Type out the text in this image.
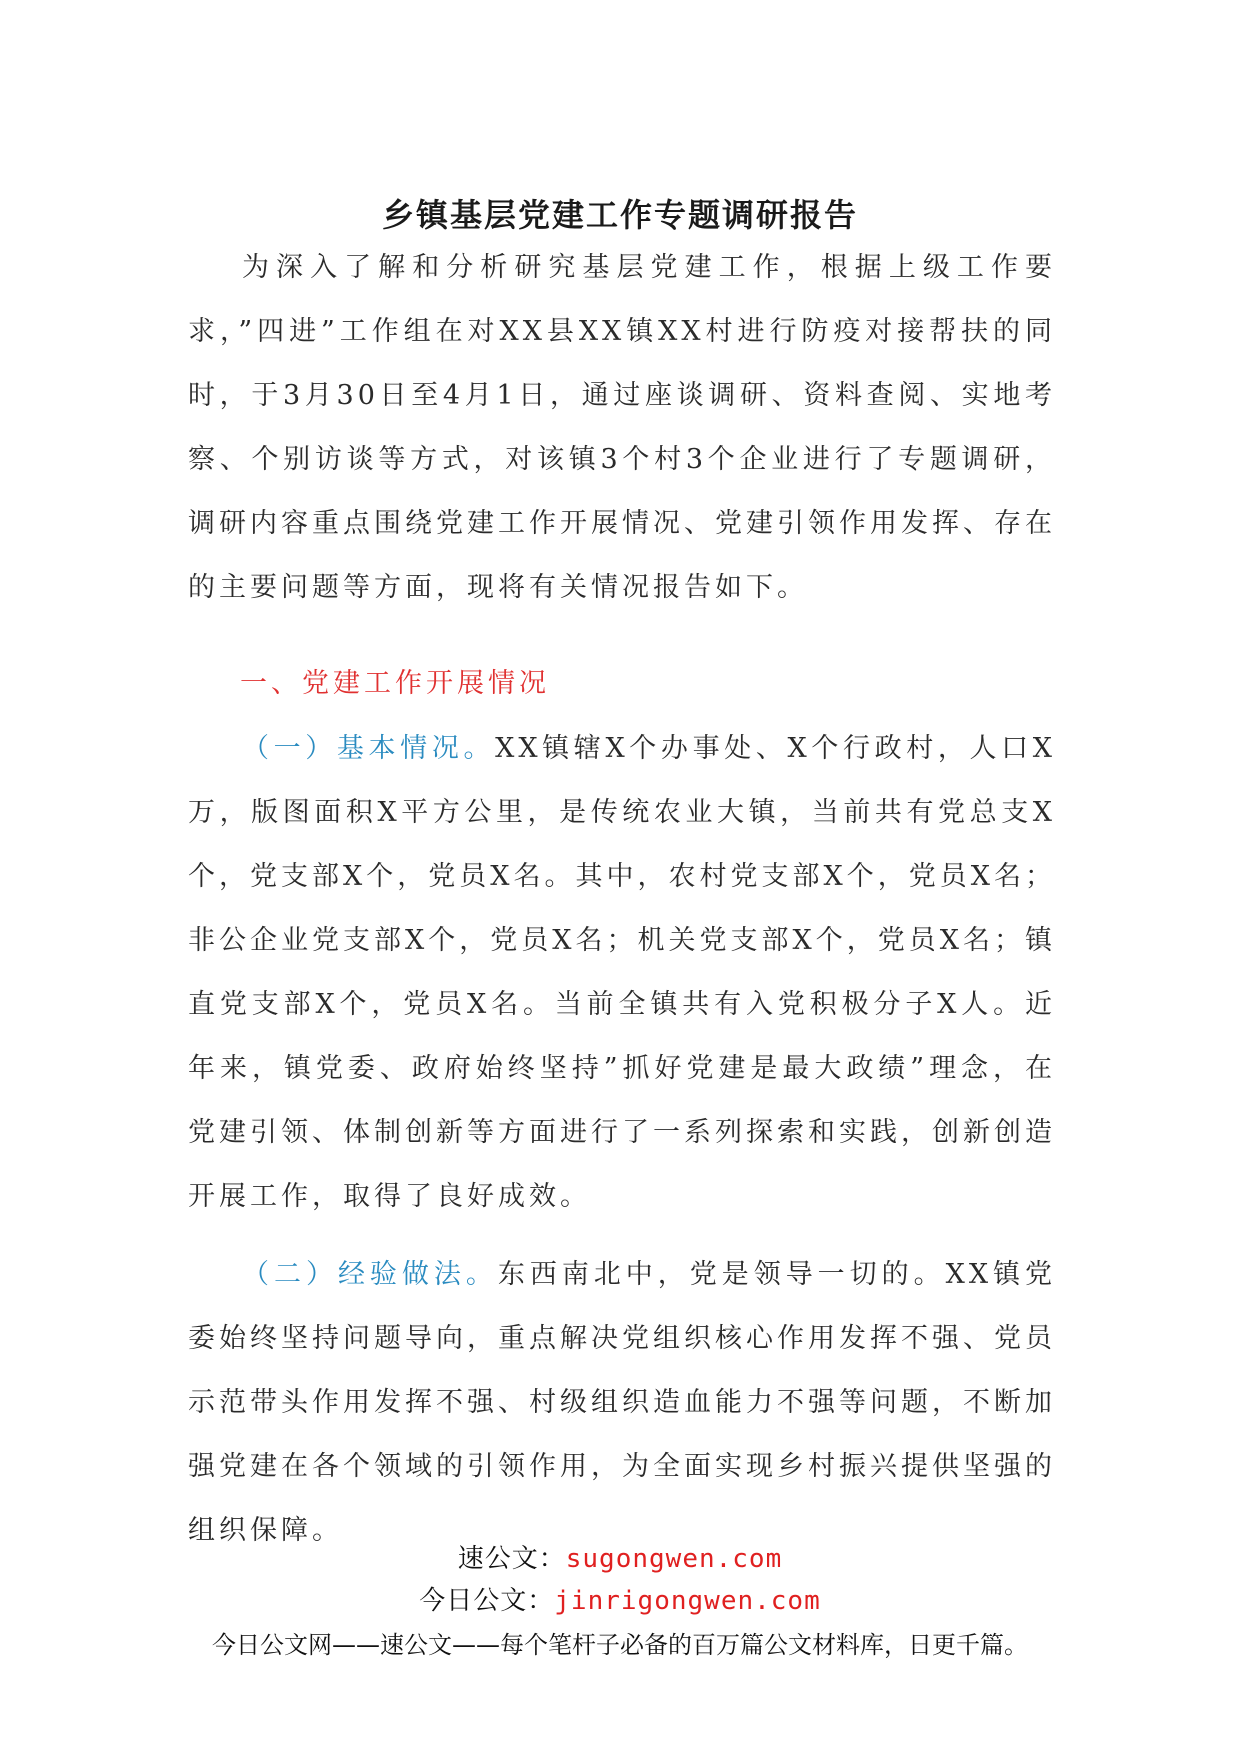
乡镇基层党建工作专题调研报告

为深入了解和分析研究基层党建工作，根据上级工作要求，”四进”工作组在对XX县XX镇XX村进行防疫对接帮扶的同时，于3月30日至4月1日，通过座谈调研、资料查阅、实地考察、个别访谈等方式，对该镇3个村3个企业进行了专题调研，调研内容重点围绕党建工作开展情况、党建引领作用发挥、存在的主要问题等方面，现将有关情况报告如下。

一、党建工作开展情况

（一）基本情况。XX镇辖X个办事处、X个行政村，人口X万，版图面积X平方公里，是传统农业大镇，当前共有党总支X个，党支部X个，党员X名。其中，农村党支部X个，党员X名；非公企业党支部X个，党员X名；机关党支部X个，党员X名；镇直党支部X个，党员X名。当前全镇共有入党积极分子X人。近年来，镇党委、政府始终坚持”抓好党建是最大政绩”理念，在党建引领、体制创新等方面进行了一系列探索和实践，创新创造开展工作，取得了良好成效。

（二）经验做法。东西南北中，党是领导一切的。XX镇党委始终坚持问题导向，重点解决党组织核心作用发挥不强、党员示范带头作用发挥不强、村级组织造血能力不强等问题，不断加强党建在各个领域的引领作用，为全面实现乡村振兴提供坚强的组织保障。

速公文：sugongwen.com
今日公文：jinrigongwen.com
今日公文网——速公文——每个笔杆子必备的百万篇公文材料库，日更千篇。
